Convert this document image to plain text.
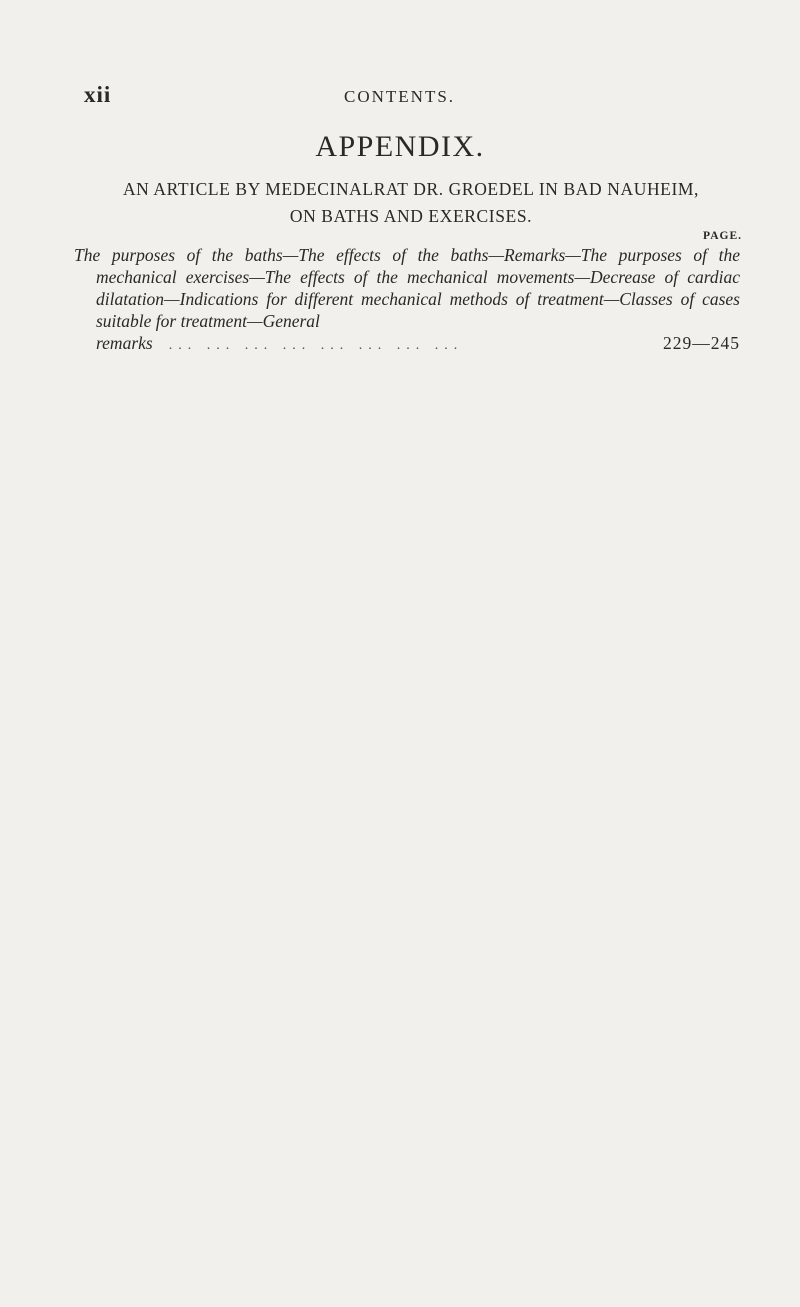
xii	CONTENTS.
APPENDIX.
AN ARTICLE BY MEDECINALRAT DR. GROEDEL IN BAD NAUHEIM,
ON BATHS AND EXERCISES.
PAGE.
The purposes of the baths—The effects of the baths—Remarks—The purposes of the mechanical exercises—The effects of the mechanical movements—Decrease of cardiac dilatation—Indications for different mechanical methods of treatment—Classes of cases suitable for treatment—General
remarks ... ... ... ... ... ... ... ...	229—245
